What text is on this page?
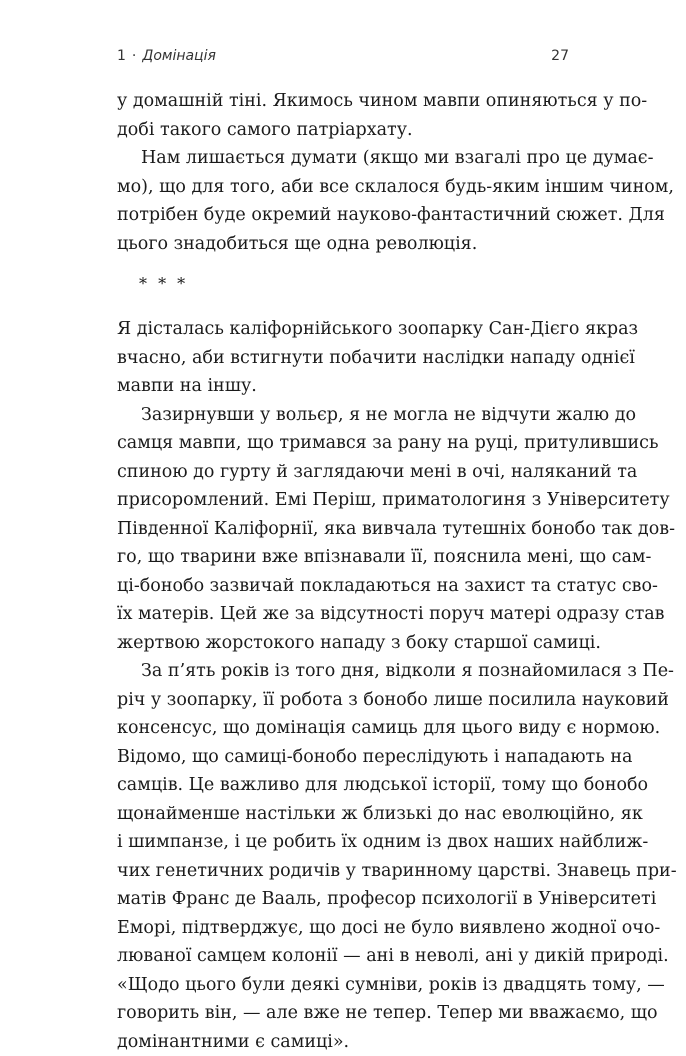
1 · Домінація	27
у домашній тіні. Якимось чином мавпи опиняються у по-
добі такого самого патріархату.
Нам лишається думати (якщо ми взагалі про це думає-
мо), що для того, аби все склалося будь-яким іншим чином,
потрібен буде окремий науково-фантастичний сюжет. Для
цього знадобиться ще одна революція.
* * *
Я дісталась каліфорнійського зоопарку Сан-Дієго якраз
вчасно, аби встигнути побачити наслідки нападу однієї
мавпи на іншу.
Зазирнувши у вольєр, я не могла не відчути жалю до
самця мавпи, що тримався за рану на руці, притулившись
спиною до гурту й заглядаючи мені в очі, наляканий та
присоромлений. Емі Періш, приматологиня з Університету
Південної Каліфорнії, яка вивчала тутешніх бонобо так дов-
го, що тварини вже впізнавали її, пояснила мені, що сам-
ці-бонобо зазвичай покладаються на захист та статус сво-
їх матерів. Цей же за відсутності поруч матері одразу став
жертвою жорстокого нападу з боку старшої самиці.
За п’ять років із того дня, відколи я познайомилася з Пе-
річ у зоопарку, її робота з бонобо лише посилила науковий
консенсус, що домінація самиць для цього виду є нормою.
Відомо, що самиці-бонобо переслідують і нападають на
самців. Це важливо для людської історії, тому що бонобо
щонайменше настільки ж близькі до нас еволюційно, як
і шимпанзе, і це робить їх одним із двох наших найближ-
чих генетичних родичів у тваринному царстві. Знавець при-
матів Франс де Вааль, професор психології в Університеті
Еморі, підтверджує, що досі не було виявлено жодної очо-
люваної самцем колонії — ані в неволі, ані у дикій природі.
«Щодо цього були деякі сумніви, років із двадцять тому, —
говорить він, — але вже не тепер. Тепер ми вважаємо, що
домінантними є самиці».
